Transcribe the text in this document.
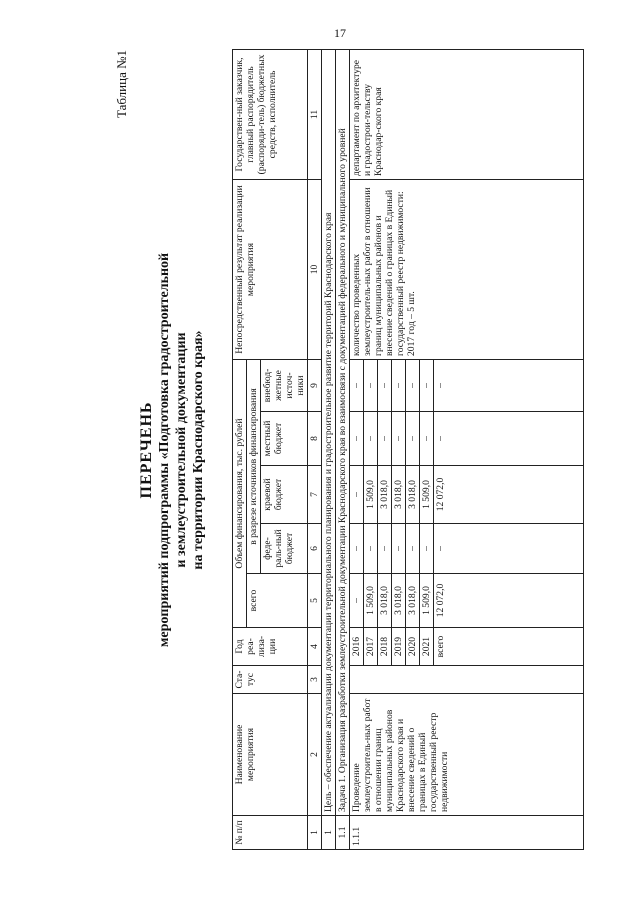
17
Таблица №1
ПЕРЕЧЕНЬ мероприятий подпрограммы «Подготовка градостроительной и землеустроительной документации на территории Краснодарского края»
№ п/п	Наименование мероприятия	Ста-тус	Год реа-лиза-ции	Объем финансирования, тыс. рублей					Непосредственный результат реализации мероприятия	Государствен-ный заказчик, главный распорядитель (распоряди-тель) бюджетных средств, исполнитель
				всего	в разрезе источников финансирования					
					феде-раль-ный бюджет	краевой бюджет	местный бюджет	внебюд-жетные источ-ники		
1	2	3	4	5	6	7	8	9	10	11
1	Цель – обеспечение актуализации документации территориального планирования и градостроительное развитие территорий Краснодарского края									
1.1	Задача 1. Организация разработки землеустроительной документации Краснодарского края во взаимосвязи с документацией федерального и муниципального уровней									
1.1.1	Проведение землеустроитель-ных работ в отношении границ муниципальных районов Краснодарского края и внесение сведений о границах в Единый государственный реестр недвижимости		2016	–	–	–	–	–	количество проведенных землеустроитель-ных работ в отношении границ муниципальных районов и внесение сведений о границах в Единый государственный реестр недвижимости: 2017 год – 5 шт.	департамент по архитектуре и градострои-тельству Краснодар-ского края
			2017	1 509,0	–	1 509,0	–	–		
			2018	3 018,0	–	3 018,0	–	–		
			2019	3 018,0	–	3 018,0	–	–		
			2020	3 018,0	–	3 018,0	–	–		
			2021	1 509,0	–	1 509,0	–	–		
			всего	12 072,0	–	12 072,0	–	–		
